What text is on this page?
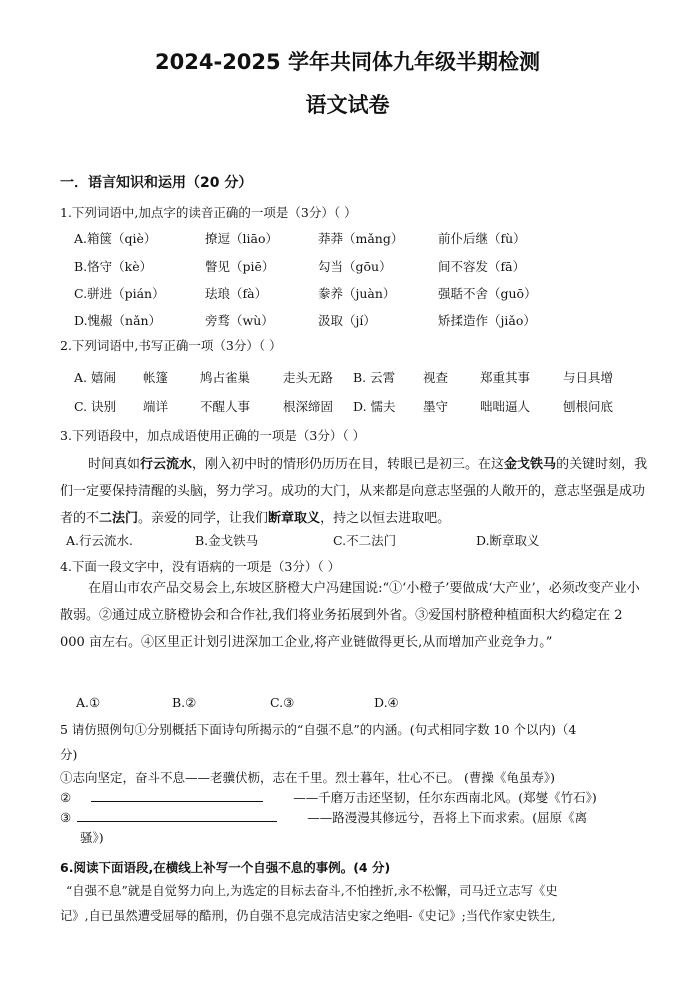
2024-2025 学年共同体九年级半期检测
语文试卷
一．语言知识和运用（20 分）
1.下列词语中,加点字的读音正确的一项是（3分）（ ）
A.箱箧（qiè）	撩逗（liāo）	莽莽（mǎng）	前仆后继（fù）
B.恪守（kè）	瞥见（piē）	勾当（gōu）	间不容发（fā）
C.骈进（pián）	珐琅（fà）	豢养（juàn）	强聒不舍（guō）
D.愧赧（nǎn）	旁骛（wù）	汲取（jí）	矫揉造作（jiǎo）
2.下列词语中,书写正确一项（3分）（ ）
A. 嬉闹 帐篷	鸠占雀巢	走头无路 B. 云霄 视查	郑重其事	与日具增
C. 诀别 端详	不醒人事	根深缔固 D. 懦夫 墨守	咄咄逼人	刨根问底
3.下列语段中，加点成语使用正确的一项是（3分）（ ）
时间真如行云流水，刚入初中时的情形仍历历在目，转眼已是初三。在这金戈铁马的关键时刻，我们一定要保持清醒的头脑，努力学习。成功的大门，从来都是向意志坚强的人敞开的，意志坚强是成功者的不二法门。亲爱的同学，让我们断章取义，持之以恒去进取吧。
A.行云流水.	B.金戈铁马	C.不二法门	D.断章取义
4.下面一段文字中，没有语病的一项是（3分）（ ）
在眉山市农产品交易会上,东坡区脐橙大户冯建国说:“①‘小橙子’要做成‘大产业’，必须改变产业小散弱。②通过成立脐橙协会和合作社,我们将业务拓展到外省。③爱国村脐橙种植面积大约稳定在 2 000 亩左右。④区里正计划引进深加工企业,将产业链做得更长,从而增加产业竞争力。”
A.①	B.②	C.③	D.④
5 请仿照例句①分别概括下面诗句所揭示的“自强不息”的内涵。(句式相同字数 10 个以内)（4
分)
①志向坚定，奋斗不息——老骥伏枥，志在千里。烈士暮年，壮心不已。 (曹操《龟虽寿》)
②	——千磨万击还坚韧，任尔东西南北风。(郑燮《竹石》)
③	——路漫漫其修远兮，吾将上下而求索。(屈原《离
骚》)
6.阅读下面语段,在横线上补写一个自强不息的事例。(4 分)
“自强不息”就是自觉努力向上,为选定的目标去奋斗,不怕挫折,永不松懈，司马迁立志写《史
记》,自已虽然遭受屈辱的酷刑，仍自强不息完成洁洁史家之绝唱-《史记》;当代作家史铁生,
